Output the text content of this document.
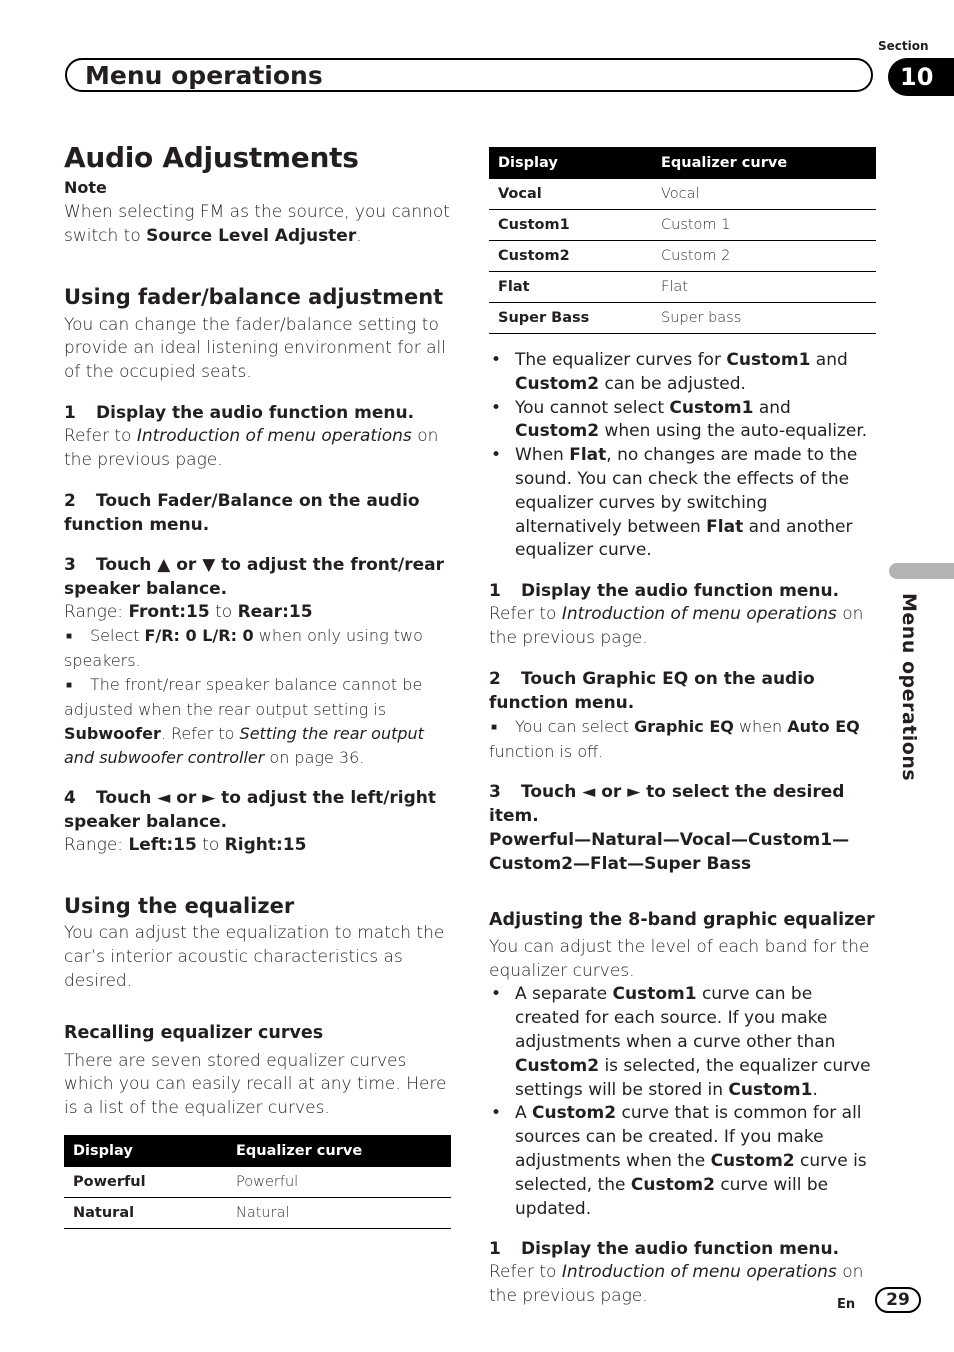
Section
10
Menu operations
Menu operations
Audio Adjustments

Note

When selecting FM as the source, you cannot switch to Source Level Adjuster.

Using fader/balance adjustment

You can change the fader/balance setting to provide an ideal listening environment for all of the occupied seats.

1 Display the audio function menu.

Refer to Introduction of menu operations on the previous page.

2 Touch Fader/Balance on the audio function menu.

3 Touch ▲ or ▼ to adjust the front/rear speaker balance.

Range: Front:15 to Rear:15

■ Select F/R: 0 L/R: 0 when only using two speakers.

■ The front/rear speaker balance cannot be adjusted when the rear output setting is Subwoofer. Refer to Setting the rear output and subwoofer controller on page 36.

4 Touch ◄ or ► to adjust the left/right speaker balance.

Range: Left:15 to Right:15

Using the equalizer

You can adjust the equalization to match the car’s interior acoustic characteristics as desired.

Recalling equalizer curves

There are seven stored equalizer curves which you can easily recall at any time. Here is a list of the equalizer curves.

Display	Equalizer curve
Powerful	Powerful
Natural	Natural
Display	Equalizer curve
Vocal	Vocal
Custom1	Custom 1
Custom2	Custom 2
Flat	Flat
Super Bass	Super bass
• The equalizer curves for Custom1 and Custom2 can be adjusted.
• You cannot select Custom1 and Custom2 when using the auto-equalizer.
• When Flat, no changes are made to the sound. You can check the effects of the equalizer curves by switching alternatively between Flat and another equalizer curve.

1 Display the audio function menu.

Refer to Introduction of menu operations on the previous page.

2 Touch Graphic EQ on the audio function menu.

■ You can select Graphic EQ when Auto EQ function is off.

3 Touch ◄ or ► to select the desired item.

Powerful—Natural—Vocal—Custom1—
Custom2—Flat—Super Bass

Adjusting the 8-band graphic equalizer

You can adjust the level of each band for the equalizer curves.

• A separate Custom1 curve can be created for each source. If you make adjustments when a curve other than Custom2 is selected, the equalizer curve settings will be stored in Custom1.
• A Custom2 curve that is common for all sources can be created. If you make adjustments when the Custom2 curve is selected, the Custom2 curve will be updated.

1 Display the audio function menu.

Refer to Introduction of menu operations on the previous page.	En	29
